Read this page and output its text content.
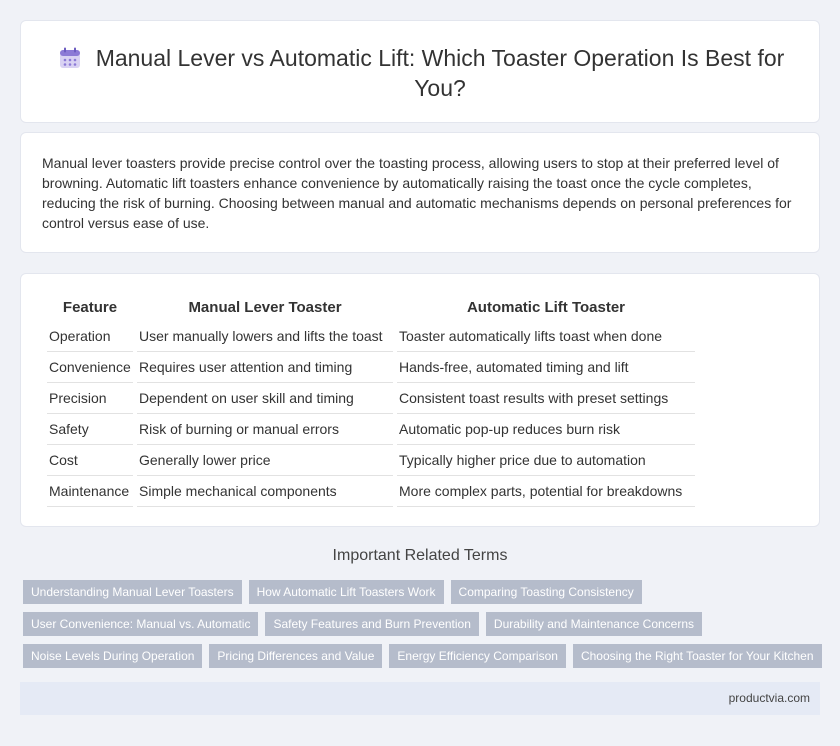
Manual Lever vs Automatic Lift: Which Toaster Operation Is Best for You?

Manual lever toasters provide precise control over the toasting process, allowing users to stop at their preferred level of browning. Automatic lift toasters enhance convenience by automatically raising the toast once the cycle completes, reducing the risk of burning. Choosing between manual and automatic mechanisms depends on personal preferences for control versus ease of use.

Feature	Manual Lever Toaster	Automatic Lift Toaster
Operation	User manually lowers and lifts the toast	Toaster automatically lifts toast when done
Convenience	Requires user attention and timing	Hands-free, automated timing and lift
Precision	Dependent on user skill and timing	Consistent toast results with preset settings
Safety	Risk of burning or manual errors	Automatic pop-up reduces burn risk
Cost	Generally lower price	Typically higher price due to automation
Maintenance	Simple mechanical components	More complex parts, potential for breakdowns
Important Related Terms
Understanding Manual Lever Toasters	How Automatic Lift Toasters Work	Comparing Toasting Consistency
User Convenience: Manual vs. Automatic	Safety Features and Burn Prevention	Durability and Maintenance Concerns
Noise Levels During Operation	Pricing Differences and Value	Energy Efficiency Comparison	Choosing the Right Toaster for Your Kitchen
productvia.com
